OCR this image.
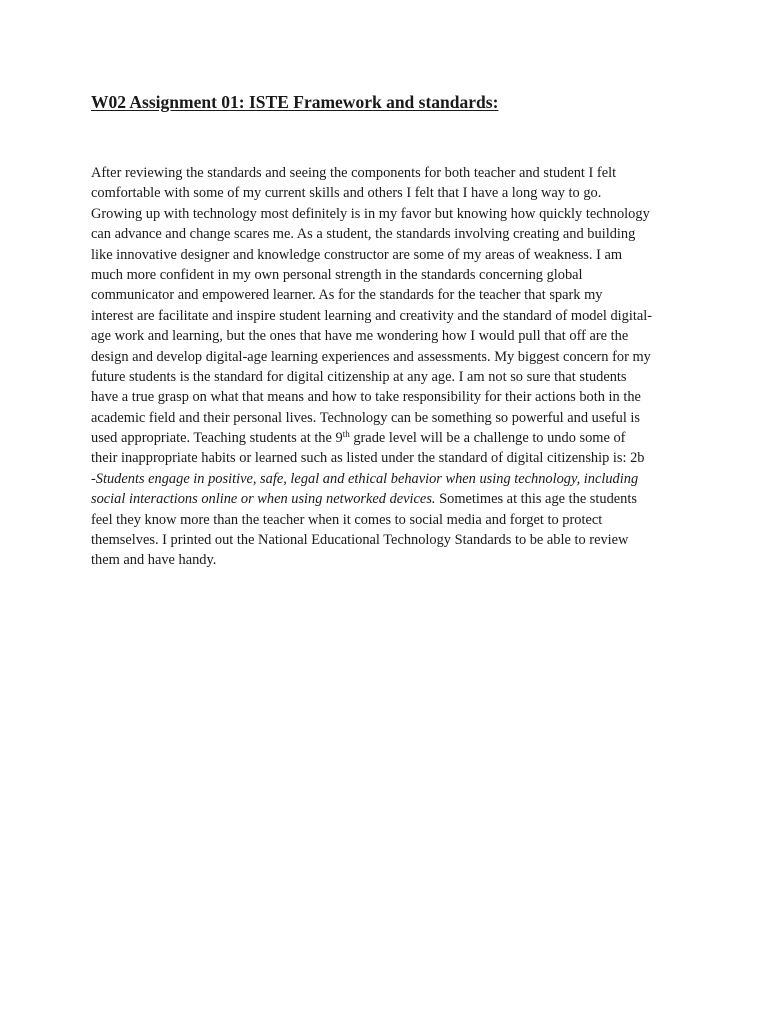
W02 Assignment 01: ISTE Framework and standards:
After reviewing the standards and seeing the components for both teacher and student I felt
comfortable with some of my current skills and others I felt that I have a long way to go.
Growing up with technology most definitely is in my favor but knowing how quickly technology
can advance and change scares me. As a student, the standards involving creating and building
like innovative designer and knowledge constructor are some of my areas of weakness. I am
much more confident in my own personal strength in the standards concerning global
communicator and empowered learner. As for the standards for the teacher that spark my
interest are facilitate and inspire student learning and creativity and the standard of model digital-
age work and learning, but the ones that have me wondering how I would pull that off are the
design and develop digital-age learning experiences and assessments. My biggest concern for my
future students is the standard for digital citizenship at any age. I am not so sure that students
have a true grasp on what that means and how to take responsibility for their actions both in the
academic field and their personal lives. Technology can be something so powerful and useful is
used appropriate. Teaching students at the 9th grade level will be a challenge to undo some of
their inappropriate habits or learned such as listed under the standard of digital citizenship is: 2b
-Students engage in positive, safe, legal and ethical behavior when using technology, including
social interactions online or when using networked devices. Sometimes at this age the students
feel they know more than the teacher when it comes to social media and forget to protect
themselves. I printed out the National Educational Technology Standards to be able to review
them and have handy.
